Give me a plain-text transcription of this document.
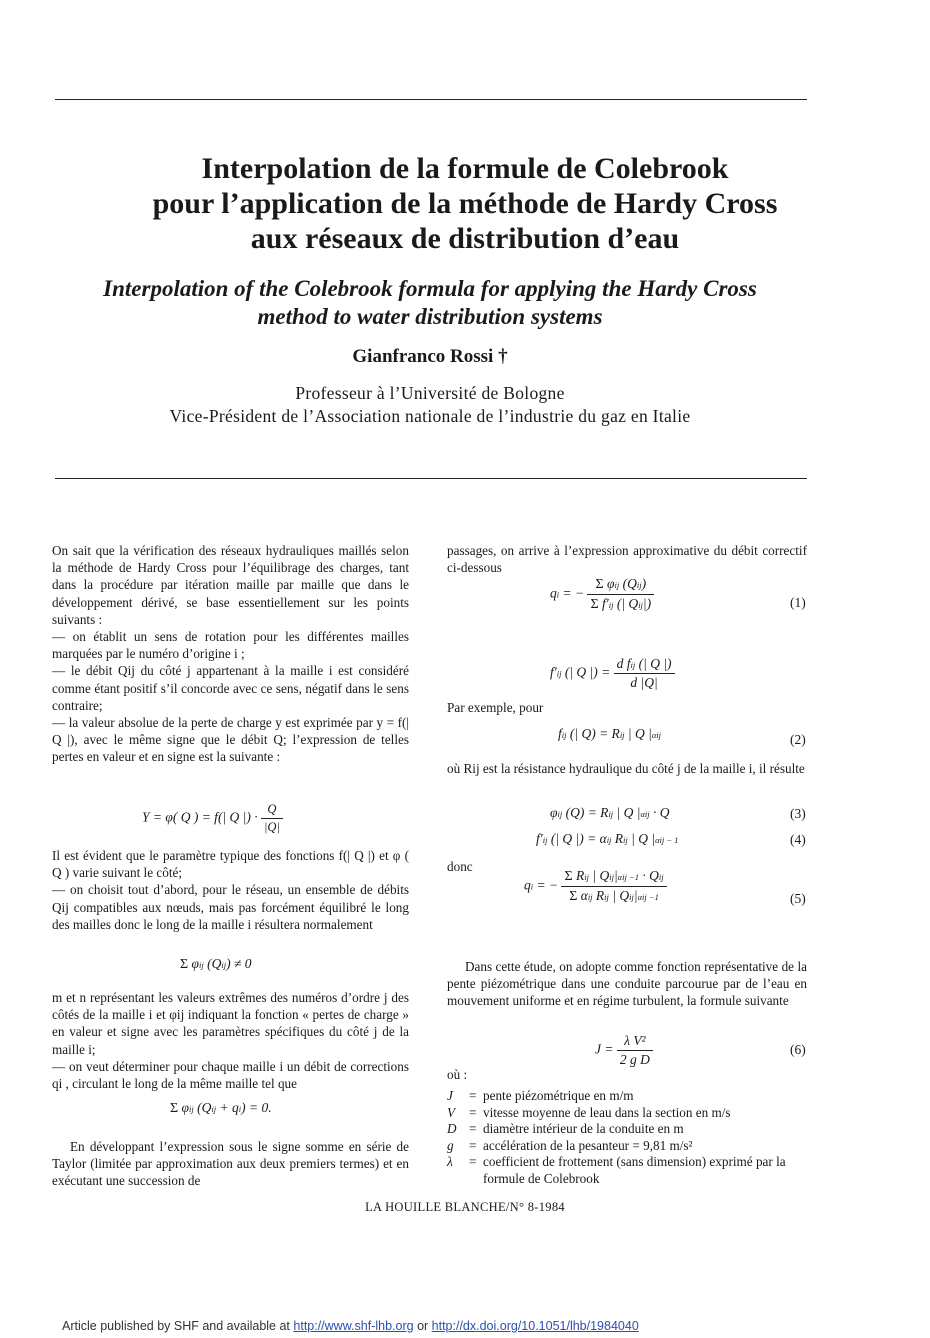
Interpolation de la formule de Colebrook
pour l’application de la méthode de Hardy Cross
aux réseaux de distribution d’eau
Interpolation of the Colebrook formula for applying the Hardy Cross
method to water distribution systems
Gianfranco Rossi †
Professeur à l’Université de Bologne
Vice-Président de l’Association nationale de l’industrie du gaz en Italie

On sait que la vérification des réseaux hydrauliques maillés selon la méthode de Hardy Cross pour l’équilibrage des charges, tant dans la procédure par itération maille par maille que dans le développement dérivé, se base essentiellement sur les points suivants :

— on établit un sens de rotation pour les différentes mailles marquées par le numéro d’origine i ;

— le débit Qij du côté j appartenant à la maille i est considéré comme étant positif s’il concorde avec ce sens, négatif dans le sens contraire;

— la valeur absolue de la perte de charge y est exprimée par y = f(| Q |), avec le même signe que le débit Q; l’expression de telles pertes en valeur et en signe est la suivante :

Y = φ( Q ) = f(| Q |) · $\frac{Q}{|Q|}$

Il est évident que le paramètre typique des fonctions f(| Q |) et φ ( Q ) varie suivant le côté;

— on choisit tout d’abord, pour le réseau, un ensemble de débits Qij compatibles aux nœuds, mais pas forcément équilibré le long des mailles donc le long de la maille i résultera normalement

Σ φij (Qij) ≠ 0

m et n représentant les valeurs extrêmes des numéros d’ordre j des côtés de la maille i et φij indiquant la fonction « pertes de charge » en valeur et signe avec les paramètres spécifiques du côté j de la maille i;

— on veut déterminer pour chaque maille i un débit de corrections qi , circulant le long de la même maille tel que

Σ φij (Qij + qi) = 0.

En développant l’expression sous le signe somme en série de Taylor (limitée par approximation aux deux premiers termes) et en exécutant une succession de

passages, on arrive à l’expression approximative du débit correctif ci-dessous

qi = − $\frac{\text{Σ φij (Qij)}}{\text{Σ f′ij (| Qij|)}}$	(1)
f′ij (| Q |) = $\frac{\text{d fij (| Q |)}}{d |Q|}$

Par exemple, pour

fij (| Q) = Rij | Q |αij	(2)

où Rij est la résistance hydraulique du côté j de la maille i, il résulte

φij (Q) = Rij | Q |αij · Q	(3)
f′ij (| Q |) = αij Rij | Q |αij − 1	(4)

donc

qi = − $\frac{\text{Σ Rij | Qij|αij −1 · Qij}}{\text{Σ αij Rij | Qij|αij −1}}$	(5)

Dans cette étude, on adopte comme fonction représentative de la pente piézométrique dans une conduite parcourue par de l’eau en mouvement uniforme et en régime turbulent, la formule suivante

$J = \frac{\text{λ V²}}{\text{2 g D}}$	(6)

où :

J	= pente piézométrique en m/m
V	= vitesse moyenne de leau dans la section en m/s
D = diamètre intérieur de la conduite en m
g	= accélération de la pesanteur = 9,81 m/s²
λ	= coefficient de frottement (sans dimension) exprimé par la formule de Colebrook
LA HOUILLE BLANCHE/N° 8-1984
Article published by SHF and available at http://www.shf-lhb.org or http://dx.doi.org/10.1051/lhb/1984040
